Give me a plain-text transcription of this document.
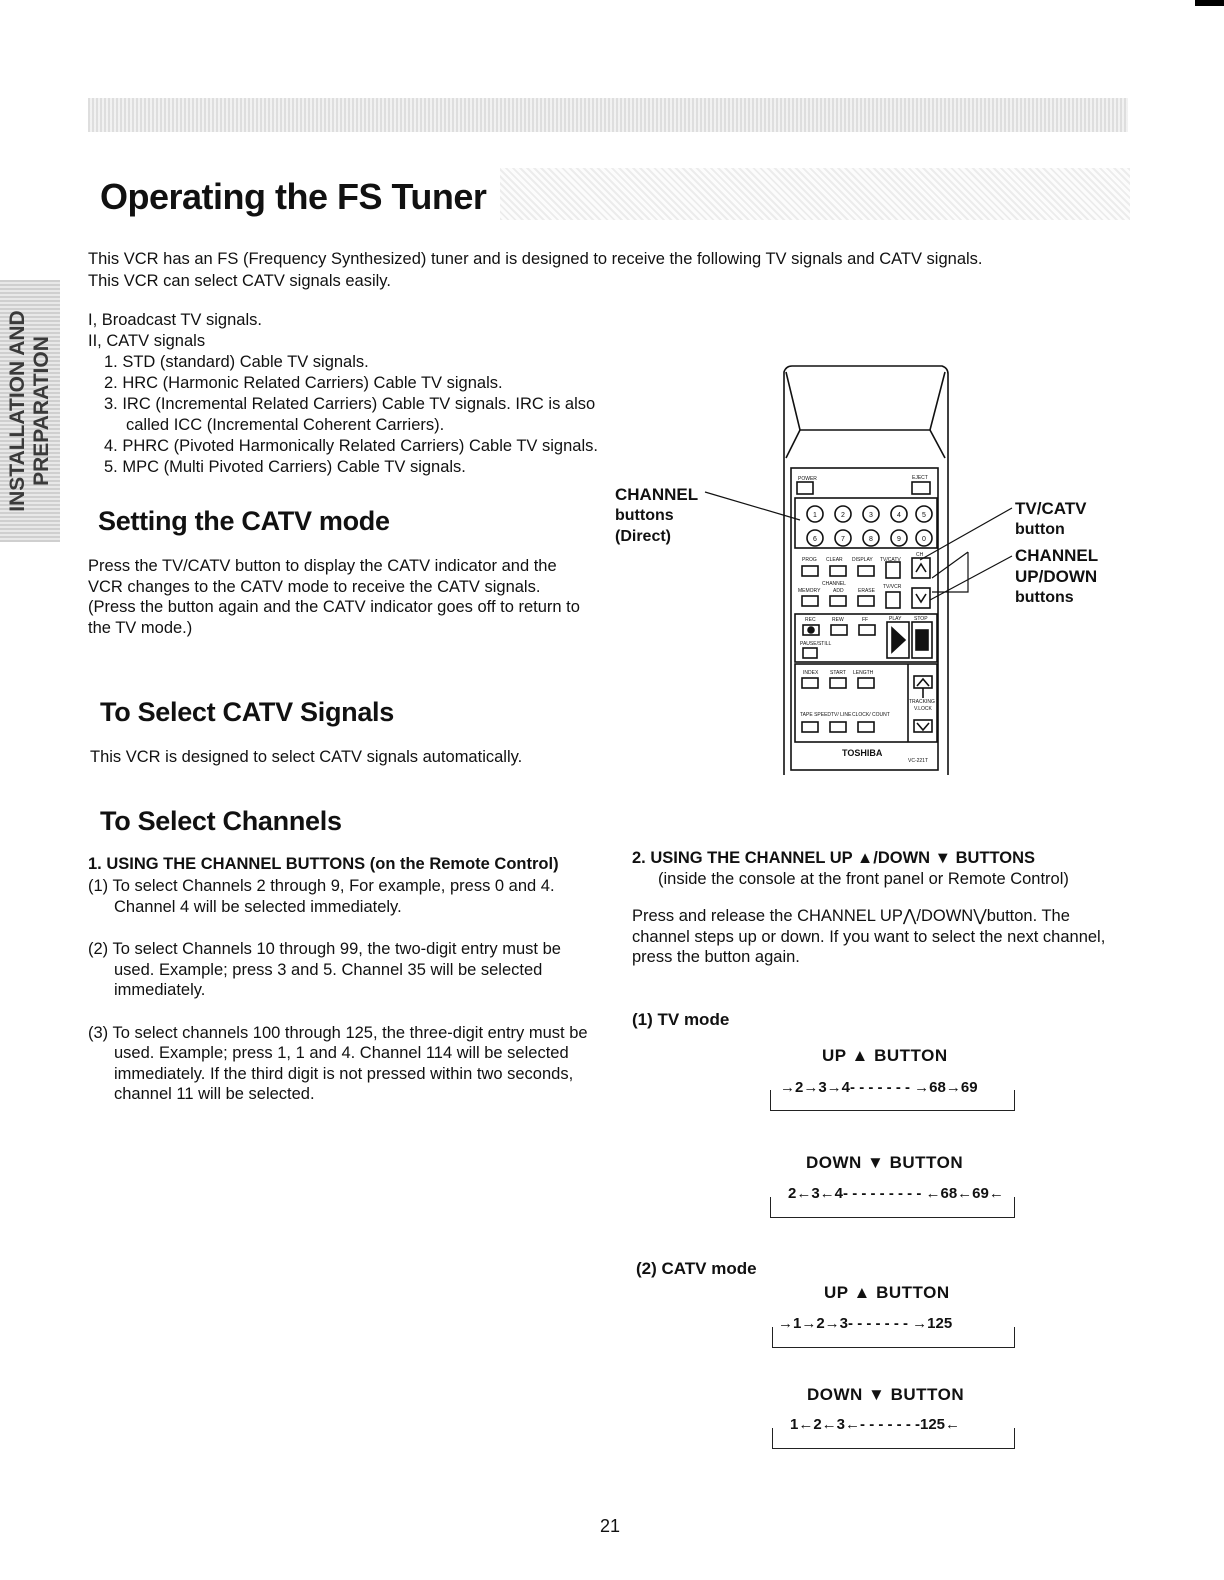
INSTALLATION AND PREPARATION
Operating the FS Tuner

This VCR has an FS (Frequency Synthesized) tuner and is designed to receive the following TV signals and CATV signals.

This VCR can select CATV signals easily.

I, Broadcast TV signals.
II, CATV signals
1. STD (standard) Cable TV signals.
2. HRC (Harmonic Related Carriers) Cable TV signals.
3. IRC (Incremental Related Carriers) Cable TV signals. IRC is also called ICC (Incremental Coherent Carriers).
4. PHRC (Pivoted Harmonically Related Carriers) Cable TV signals.
5. MPC (Multi Pivoted Carriers) Cable TV signals.
Setting the CATV mode

Press the TV/CATV button to display the CATV indicator and the VCR changes to the CATV mode to receive the CATV signals.

(Press the button again and the CATV indicator goes off to return to the TV mode.)

To Select CATV Signals

This VCR is designed to select CATV signals automatically.

CHANNEL
buttons
(Direct)
TV/CATV
button
CHANNEL
UP/DOWN
buttons
POWER	EJECT
1	2	3	4	5
6	7	8	9	0
PROG CLEAR DISPLAY TV/CATV
CH
CHANNEL	TV/VCR
MEMORY	ADD	ERASE
REC	REW	FF	PLAY	STOP
PAUSE/STILL
INDEX START LENGTH
TRACKING
V.LOCK
TAPE SPEED TV/ LINE CLOCK/ COUNT
TOSHIBA
VC-221T
To Select Channels
1. USING THE CHANNEL BUTTONS (on the Remote Control)

(1) To select Channels 2 through 9, For example, press 0 and 4. Channel 4 will be selected immediately.

(2) To select Channels 10 through 99, the two-digit entry must be used. Example; press 3 and 5. Channel 35 will be selected immediately.

(3) To select channels 100 through 125, the three-digit entry must be used. Example; press 1, 1 and 4. Channel 114 will be selected immediately. If the third digit is not pressed within two seconds, channel 11 will be selected.

2. USING THE CHANNEL UP ▲/DOWN ▼ BUTTONS
(inside the console at the front panel or Remote Control)

Press and release the CHANNEL UP⋀/DOWN⋁button. The channel steps up or down. If you want to select the next channel, press the button again.

(1) TV mode
UP ▲ BUTTON
→2→3→4- - - - - - - →68→69
DOWN ▼ BUTTON
2←3←4- - - - - - - - - ←68←69←
(2) CATV mode
UP ▲ BUTTON
→1→2→3- - - - - - - →125
DOWN ▼ BUTTON
1←2←3←- - - - - - -125←
21
